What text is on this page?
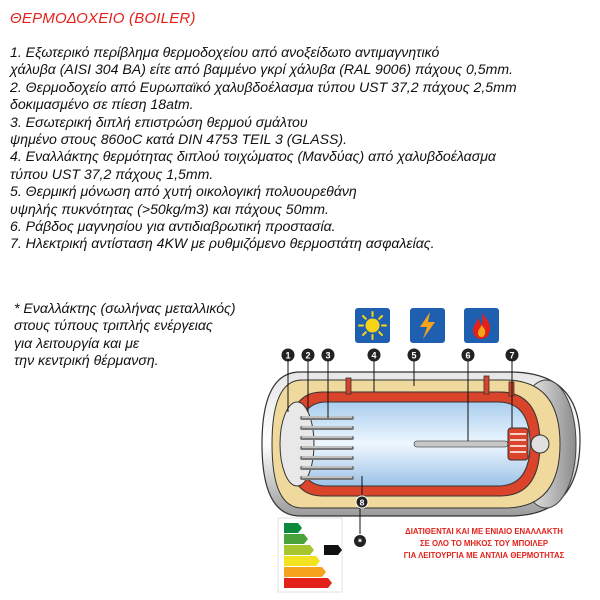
ΘΕΡΜΟΔΟΧΕΙΟ (BOILER)
1. Εξωτερικό περίβλημα θερμοδοχείου από ανοξείδωτο αντιμαγνητικό
χάλυβα (AISI 304 BA) είτε από βαμμένο γκρί χάλυβα (RAL 9006) πάχους 0,5mm.
2. Θερμοδοχείο από Ευρωπαϊκό χαλυβδοέλασμα τύπου UST 37,2 πάχους 2,5mm
δοκιμασμένο σε πίεση 18atm.
3. Εσωτερική διπλή επιστρώση θερμού σμάλτου
ψημένο στους 860oC κατά DIN 4753 TEIL 3 (GLASS).
4. Εναλλάκτης θερμότητας διπλού τοιχώματος (Μανδύας) από χαλυβδοέλασμα
τύπου UST 37,2 πάχους 1,5mm.
5. Θερμική μόνωση από χυτή οικολογική πολυουρεθάνη
υψηλής πυκνότητας (>50kg/m3) και πάχους 50mm.
6. Ράβδος μαγνησίου για αντιδιαβρωτική προστασία.
7. Ηλεκτρική αντίσταση 4KW με ρυθμιζόμενο θερμοστάτη ασφαλείας.
* Εναλλάκτης (σωλήνας μεταλλικός)
στους τύπους τριπλής ενέργειας
για λειτουργία και με
την κεντρική θέρμανση.	1 2 3	4	5	6	7
8
*
ΔΙΑΤΙΘΕΝΤΑΙ ΚΑΙ ΜΕ ΕΝΙΑΙΟ ΕΝΑΛΛΑΚΤΗ
ΣΕ ΟΛΟ ΤΟ ΜΗΚΟΣ ΤΟΥ ΜΠΟΙΛΕΡ
ΓΙΑ ΛΕΙΤΟΥΡΓΙΑ ΜΕ ΑΝΤΛΙΑ ΘΕΡΜΟΤΗΤΑΣ
